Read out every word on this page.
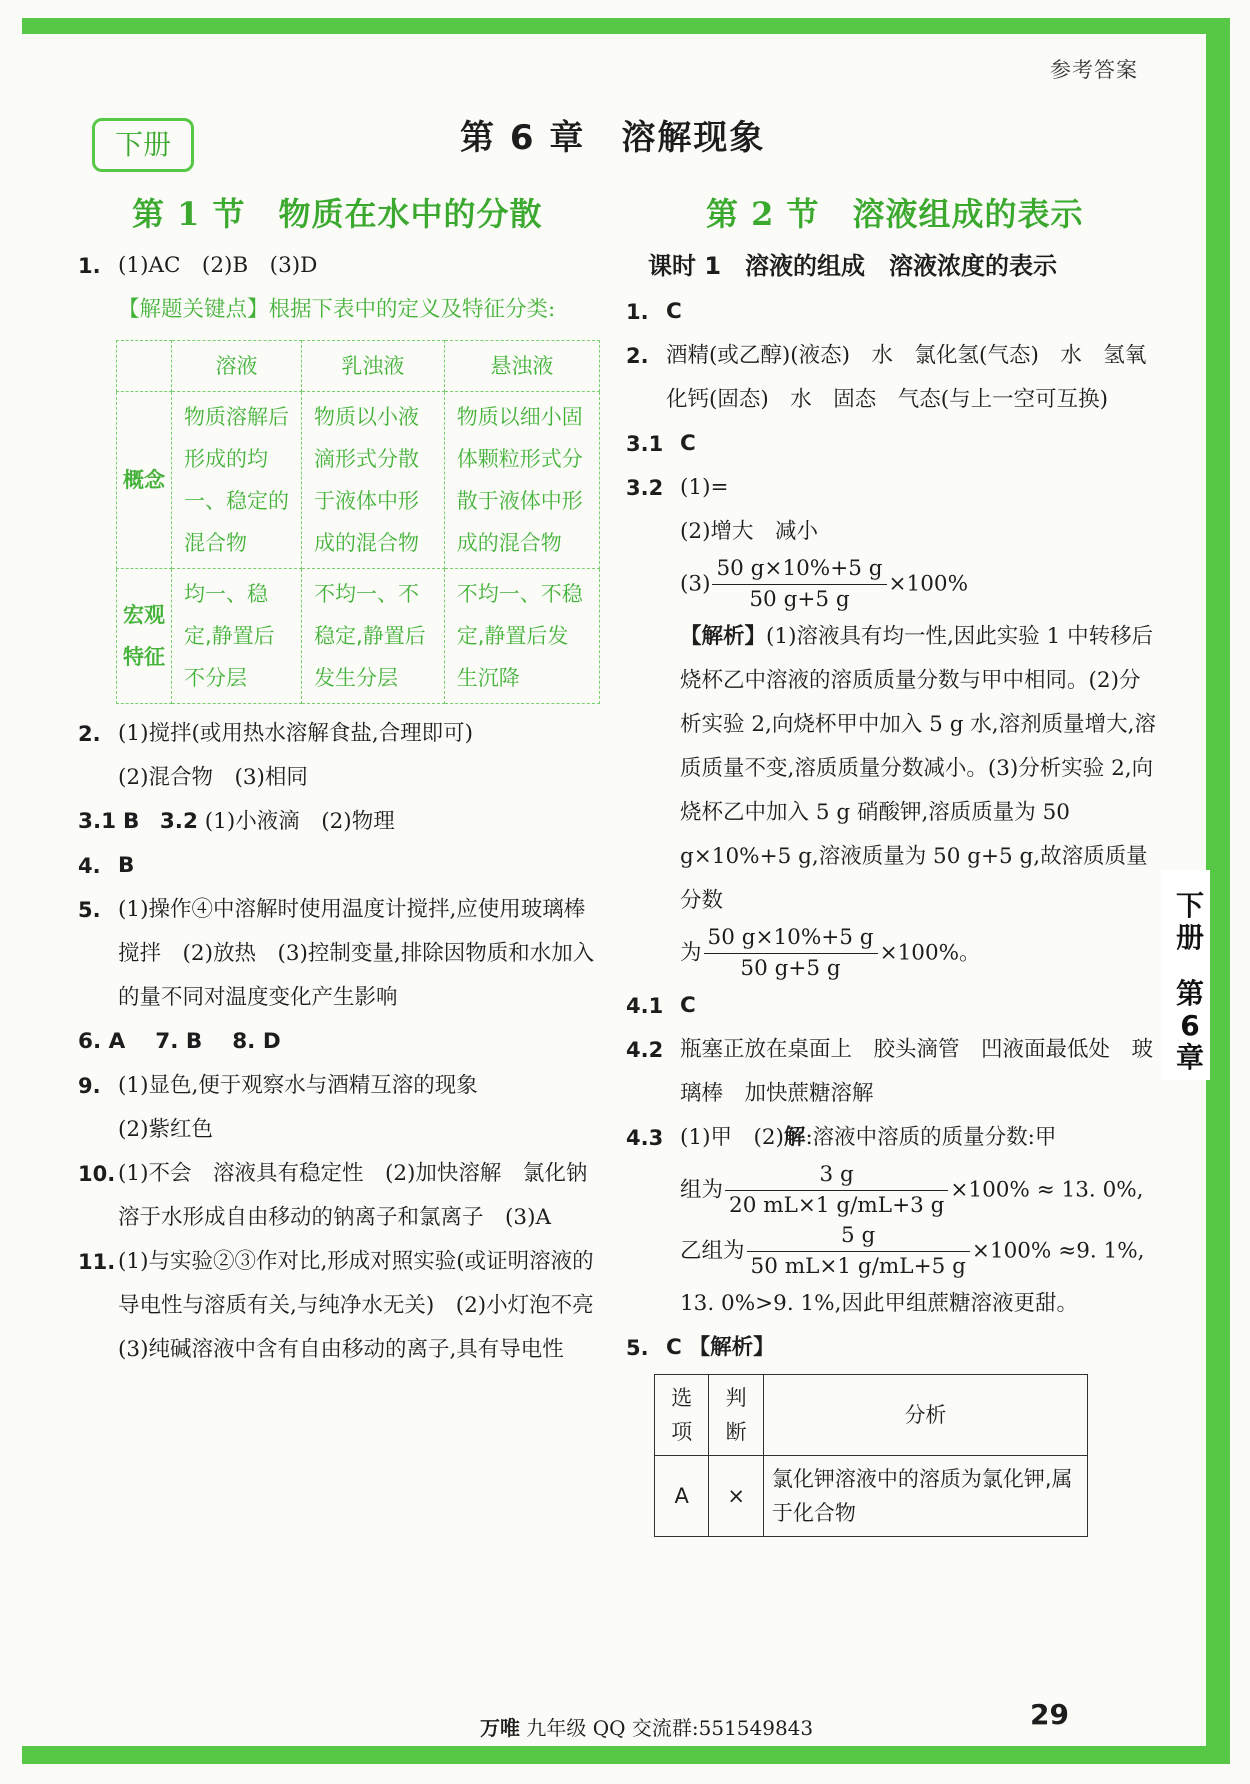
下册
第6章
参考答案
下册	第 6 章　溶解现象
第 1 节　物质在水中的分散
1. (1)AC　(2)B　(3)D
【解题关键点】根据下表中的定义及特征分类:
	溶液	乳浊液	悬浊液
概念	物质溶解后形成的均一、稳定的混合物	物质以小液滴形式分散于液体中形成的混合物	物质以细小固体颗粒形式分散于液体中形成的混合物
宏观特征	均一、稳定,静置后不分层	不均一、不稳定,静置后发生分层	不均一、不稳定,静置后发生沉降
2. (1)搅拌(或用热水溶解食盐,合理即可)
(2)混合物　(3)相同
3.1 B 3.2 (1)小液滴　(2)物理
4. B
5. (1)操作④中溶解时使用温度计搅拌,应使用玻璃棒搅拌　(2)放热　(3)控制变量,排除因物质和水加入的量不同对温度变化产生影响
6. A 7. B 8. D
9. (1)显色,便于观察水与酒精互溶的现象
(2)紫红色
10. (1)不会　溶液具有稳定性　(2)加快溶解　氯化钠溶于水形成自由移动的钠离子和氯离子　(3)A
11. (1)与实验②③作对比,形成对照实验(或证明溶液的导电性与溶质有关,与纯净水无关)　(2)小灯泡不亮　(3)纯碱溶液中含有自由移动的离子,具有导电性
第 2 节　溶液组成的表示
课时 1　溶液的组成　溶液浓度的表示
1. C
2. 酒精(或乙醇)(液态)　水　氯化氢(气态)　水　氢氧化钙(固态)　水　固态　气态(与上一空可互换)
3.1 C
3.2 (1)=
(2)增大　减小
$(3) \frac{50 g\times 10\%+5 g}{50 g+5 g} \times 100\%$
【解析】(1)溶液具有均一性,因此实验 1 中转移后烧杯乙中溶液的溶质质量分数与甲中相同。(2)分析实验 2,向烧杯甲中加入 5 g 水,溶剂质量增大,溶质质量不变,溶质质量分数减小。(3)分析实验 2,向烧杯乙中加入 5 g 硝酸钾,溶质质量为 50 g×10%+5 g,溶液质量为 50 g+5 g,故溶质质量分数
为 $\frac{50 g\times 10\%+5 g}{50 g+5 g} \times 100\%$。
4.1 C
4.2 瓶塞正放在桌面上　胶头滴管　凹液面最低处　玻璃棒　加快蔗糖溶解
4.3 (1)甲　(2)解:溶液中溶质的质量分数:甲
组为 $\frac{3 g}{20 mL\times 1 g/mL+3 g} \times 100\% \approx 13$. 0%,
乙组为 $\frac{5 g}{50 mL\times 1 g/mL+5 g} \times 100\% \approx 9$. 1%,
13. 0%>9. 1%,因此甲组蔗糖溶液更甜。
5. C 【解析】
选项	判断	分析
A	×	氯化钾溶液中的溶质为氯化钾,属于化合物
万唯 九年级 QQ 交流群:551549843	29
